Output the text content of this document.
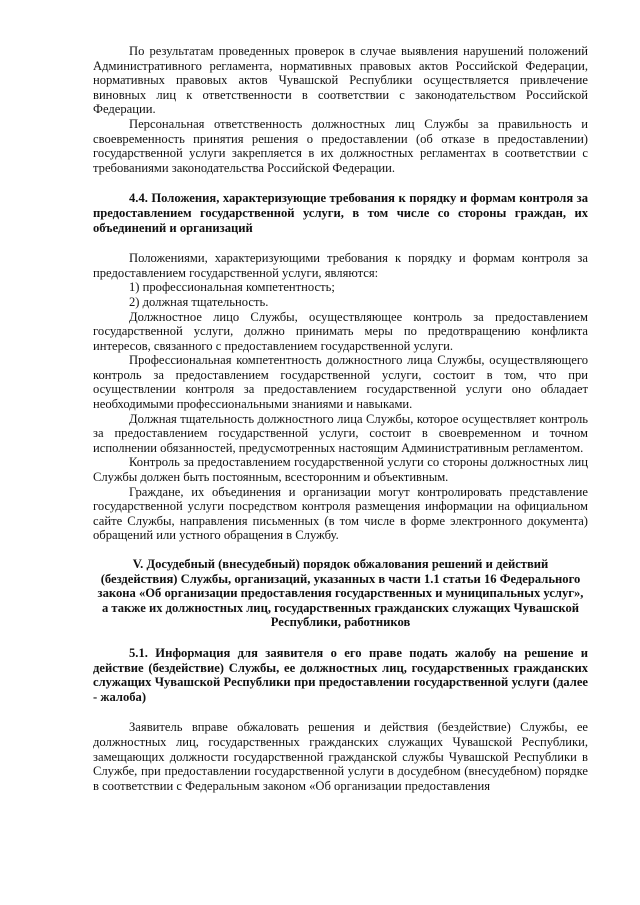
По результатам проведенных проверок в случае выявления нарушений положений Административного регламента, нормативных правовых актов Российской Федерации, нормативных правовых актов Чувашской Республики осуществляется привлечение виновных лиц к ответственности в соответствии с законодательством Российской Федерации.

Персональная ответственность должностных лиц Службы за правильность и своевременность принятия решения о предоставлении (об отказе в предоставлении) государственной услуги закрепляется в их должностных регламентах в соответствии с требованиями законодательства Российской Федерации.

4.4. Положения, характеризующие требования к порядку и формам контроля за предоставлением государственной услуги, в том числе со стороны граждан, их объединений и организаций

Положениями, характеризующими требования к порядку и формам контроля за предоставлением государственной услуги, являются:

1) профессиональная компетентность;

2) должная тщательность.

Должностное лицо Службы, осуществляющее контроль за предоставлением государственной услуги, должно принимать меры по предотвращению конфликта интересов, связанного с предоставлением государственной услуги.

Профессиональная компетентность должностного лица Службы, осуществляющего контроль за предоставлением государственной услуги, состоит в том, что при осуществлении контроля за предоставлением государственной услуги оно обладает необходимыми профессиональными знаниями и навыками.

Должная тщательность должностного лица Службы, которое осуществляет контроль за предоставлением государственной услуги, состоит в своевременном и точном исполнении обязанностей, предусмотренных настоящим Административным регламентом.

Контроль за предоставлением государственной услуги со стороны должностных лиц Службы должен быть постоянным, всесторонним и объективным.

Граждане, их объединения и организации могут контролировать представление государственной услуги посредством контроля размещения информации на официальном сайте Службы, направления письменных (в том числе в форме электронного документа) обращений или устного обращения в Службу.

V. Досудебный (внесудебный) порядок обжалования решений и действий (бездействия) Службы, организаций, указанных в части 1.1 статьи 16 Федерального закона «Об организации предоставления государственных и муниципальных услуг», а также их должностных лиц, государственных гражданских служащих Чувашской Республики, работников

5.1. Информация для заявителя о его праве подать жалобу на решение и действие (бездействие) Службы, ее должностных лиц, государственных гражданских служащих Чувашской Республики при предоставлении государственной услуги (далее - жалоба)

Заявитель вправе обжаловать решения и действия (бездействие) Службы, ее должностных лиц, государственных гражданских служащих Чувашской Республики, замещающих должности государственной гражданской службы Чувашской Республики в Службе, при предоставлении государственной услуги в досудебном (внесудебном) порядке в соответствии с Федеральным законом «Об организации предоставления
